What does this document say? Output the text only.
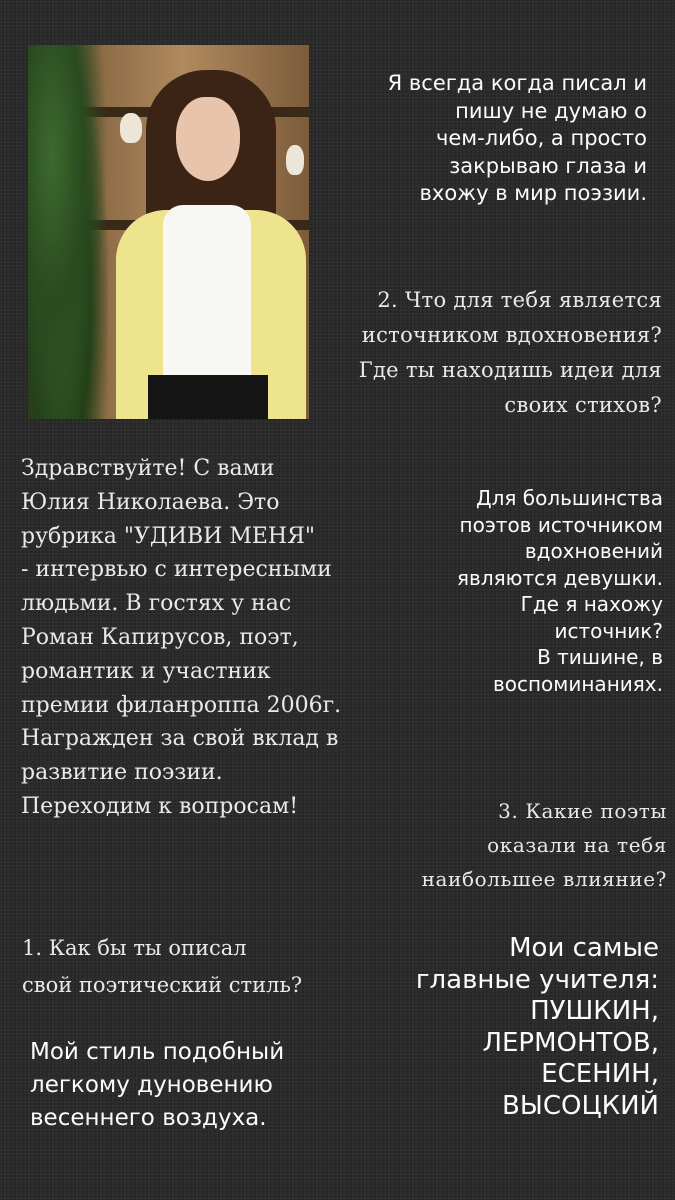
Я всегда когда писал и
пишу не думаю о
чем-либо, а просто
закрываю глаза и
вхожу в мир поэзии.

2. Что для тебя является
источником вдохновения?
Где ты находишь идеи для
своих стихов?

Здравствуйте! С вами
Юлия Николаева. Это
рубрика "УДИВИ МЕНЯ"
- интервью с интересными
людьми. В гостях у нас
Роман Капирусов, поэт,
романтик и участник
премии филанроппа 2006г.
Награжден за свой вклад в
развитие поэзии.
Переходим к вопросам!

Для большинства
поэтов источником
вдохновений
являются девушки.
Где я нахожу
источник?
В тишине, в
воспоминаниях.

3. Какие поэты
оказали на тебя
наибольшее влияние?

1. Как бы ты описал
свой поэтический стиль?

Мои самые
главные учителя:
ПУШКИН,
ЛЕРМОНТОВ,
ЕСЕНИН,
ВЫСОЦКИЙ

Мой стиль подобный
легкому дуновению
весеннего воздуха.
